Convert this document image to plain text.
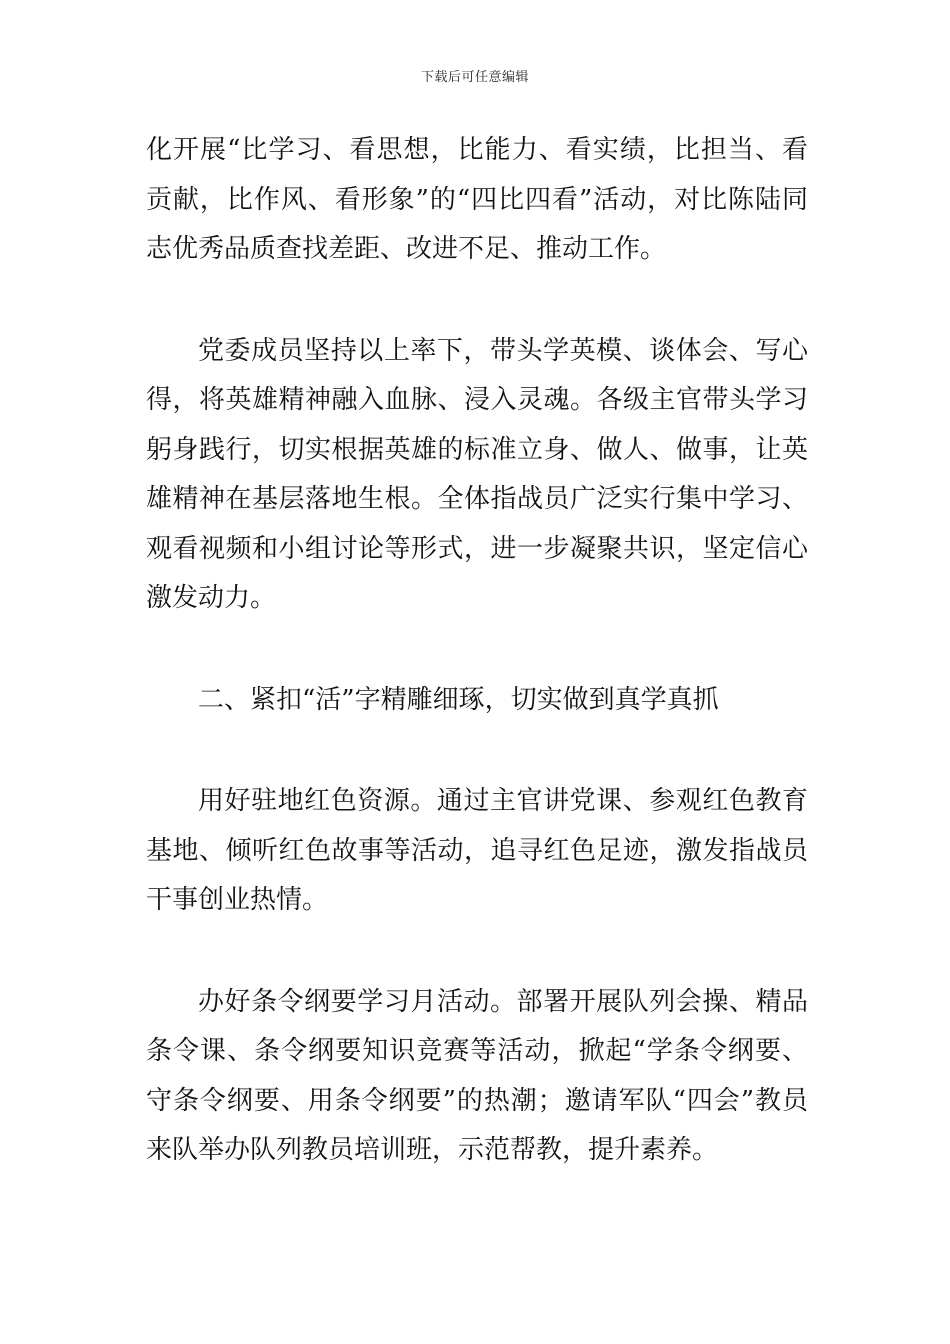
下载后可任意编辑

化开展“比学习、看思想，比能力、看实绩，比担当、看贡献，比作风、看形象”的“四比四看”活动，对比陈陆同志优秀品质查找差距、改进不足、推动工作。

党委成员坚持以上率下，带头学英模、谈体会、写心得，将英雄精神融入血脉、浸入灵魂。各级主官带头学习躬身践行，切实根据英雄的标准立身、做人、做事，让英雄精神在基层落地生根。全体指战员广泛实行集中学习、观看视频和小组讨论等形式，进一步凝聚共识，坚定信心激发动力。

二、紧扣“活”字精雕细琢，切实做到真学真抓

用好驻地红色资源。通过主官讲党课、参观红色教育基地、倾听红色故事等活动，追寻红色足迹，激发指战员干事创业热情。

办好条令纲要学习月活动。部署开展队列会操、精品条令课、条令纲要知识竞赛等活动，掀起“学条令纲要、守条令纲要、用条令纲要”的热潮；邀请军队“四会”教员来队举办队列教员培训班，示范帮教，提升素养。
